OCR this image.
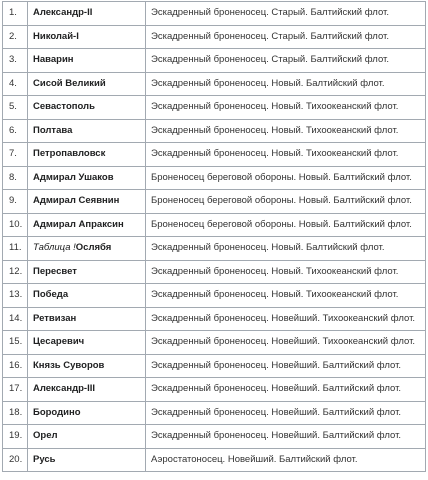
1.	Александр-II	Эскадренный броненосец. Старый. Балтийский флот.
2.	Николай-I	Эскадренный броненосец. Старый. Балтийский флот.
3.	Наварин	Эскадренный броненосец. Старый. Балтийский флот.
4.	Сисой Великий	Эскадренный броненосец. Новый. Балтийский флот.
5.	Севастополь	Эскадренный броненосец. Новый. Тихоокеанский флот.
6.	Полтава	Эскадренный броненосец. Новый. Тихоокеанский флот.
7.	Петропавловск	Эскадренный броненосец. Новый. Тихоокеанский флот.
8.	Адмирал Ушаков	Броненосец береговой обороны. Новый. Балтийский флот.
9.	Адмирал Сеявнин	Броненосец береговой обороны. Новый. Балтийский флот.
10.	Адмирал Апраксин	Броненосец береговой обороны. Новый. Балтийский флот.
11.	Таблица !Ослябя	Эскадренный броненосец. Новый. Балтийский флот.
12.	Пересвет	Эскадренный броненосец. Новый. Тихоокеанский флот.
13.	Победа	Эскадренный броненосец. Новый. Тихоокеанский флот.
14.	Ретвизан	Эскадренный броненосец. Новейший. Тихоокеанский флот.
15.	Цесаревич	Эскадренный броненосец. Новейший. Тихоокеанский флот.
16.	Князь Суворов	Эскадренный броненосец. Новейший. Балтийский флот.
17.	Александр-III	Эскадренный броненосец. Новейший. Балтийский флот.
18.	Бородино	Эскадренный броненосец. Новейший. Балтийский флот.
19.	Орел	Эскадренный броненосец. Новейший. Балтийский флот.
20.	Русь	Аэростатоносец. Новейший. Балтийский флот.
